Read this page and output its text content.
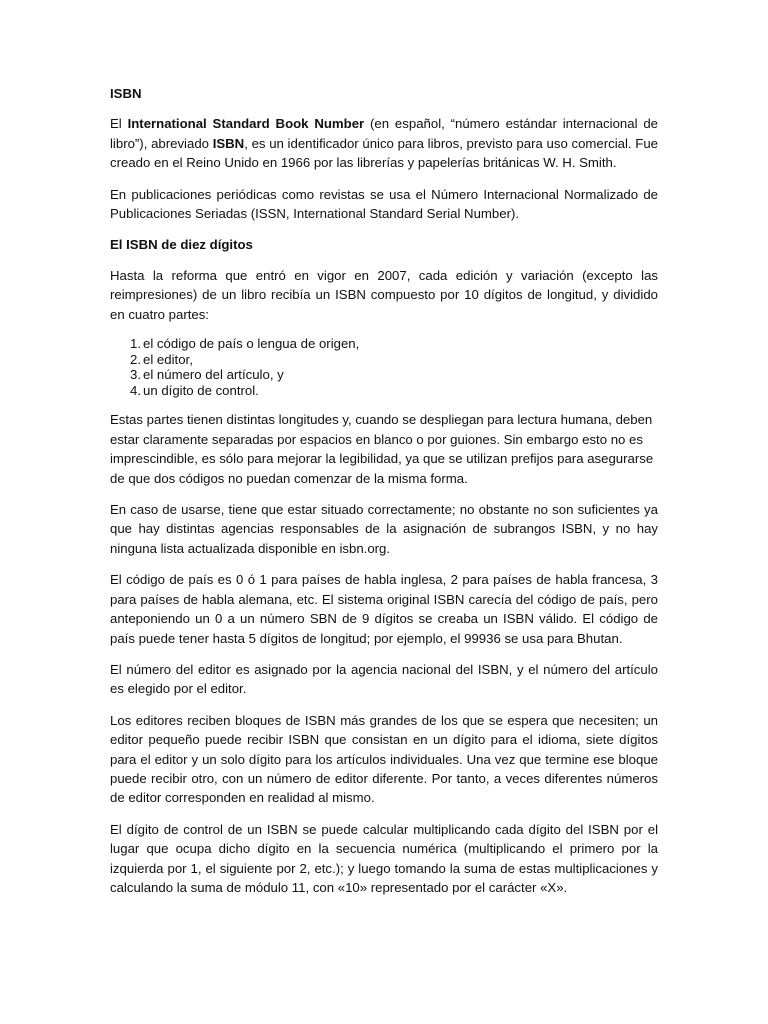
ISBN

El International Standard Book Number (en español, “número estándar internacional de libro”), abreviado ISBN, es un identificador único para libros, previsto para uso comercial. Fue creado en el Reino Unido en 1966 por las librerías y papelerías británicas W. H. Smith.

En publicaciones periódicas como revistas se usa el Número Internacional Normalizado de Publicaciones Seriadas (ISSN, International Standard Serial Number).

El ISBN de diez dígitos

Hasta la reforma que entró en vigor en 2007, cada edición y variación (excepto las reimpresiones) de un libro recibía un ISBN compuesto por 10 dígitos de longitud, y dividido en cuatro partes:

1. el código de país o lengua de origen,
2. el editor,
3. el número del artículo, y
4. un dígito de control.

Estas partes tienen distintas longitudes y, cuando se despliegan para lectura humana, deben estar claramente separadas por espacios en blanco o por guiones. Sin embargo esto no es imprescindible, es sólo para mejorar la legibilidad, ya que se utilizan prefijos para asegurarse de que dos códigos no puedan comenzar de la misma forma.

En caso de usarse, tiene que estar situado correctamente; no obstante no son suficientes ya que hay distintas agencias responsables de la asignación de subrangos ISBN, y no hay ninguna lista actualizada disponible en isbn.org.

El código de país es 0 ó 1 para países de habla inglesa, 2 para países de habla francesa, 3 para países de habla alemana, etc. El sistema original ISBN carecía del código de país, pero anteponiendo un 0 a un número SBN de 9 dígitos se creaba un ISBN válido. El código de país puede tener hasta 5 dígitos de longitud; por ejemplo, el 99936 se usa para Bhutan.

El número del editor es asignado por la agencia nacional del ISBN, y el número del artículo es elegido por el editor.

Los editores reciben bloques de ISBN más grandes de los que se espera que necesiten; un editor pequeño puede recibir ISBN que consistan en un dígito para el idioma, siete dígitos para el editor y un solo dígito para los artículos individuales. Una vez que termine ese bloque puede recibir otro, con un número de editor diferente. Por tanto, a veces diferentes números de editor corresponden en realidad al mismo.

El dígito de control de un ISBN se puede calcular multiplicando cada dígito del ISBN por el lugar que ocupa dicho dígito en la secuencia numérica (multiplicando el primero por la izquierda por 1, el siguiente por 2, etc.); y luego tomando la suma de estas multiplicaciones y calculando la suma de módulo 11, con «10» representado por el carácter «X».
